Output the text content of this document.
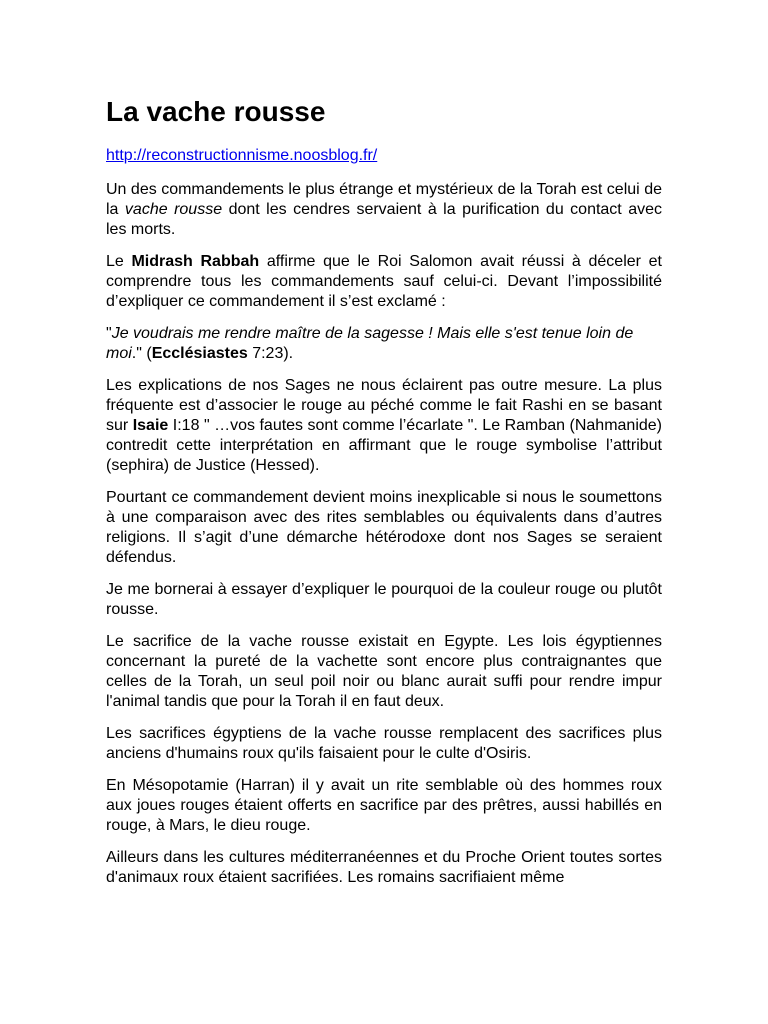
La vache rousse
http://reconstructionnisme.noosblog.fr/

Un des commandements le plus étrange et mystérieux de la Torah est celui de la vache rousse dont les cendres servaient à la purification du contact avec les morts.

Le Midrash Rabbah affirme que le Roi Salomon avait réussi à déceler et comprendre tous les commandements sauf celui-ci. Devant l’impossibilité d’expliquer ce commandement il s’est exclamé :

"Je voudrais me rendre maître de la sagesse ! Mais elle s'est tenue loin de moi." (Ecclésiastes 7:23).

Les explications de nos Sages ne nous éclairent pas outre mesure. La plus fréquente est d’associer le rouge au péché comme le fait Rashi en se basant sur Isaie I:18 " …vos fautes sont comme l’écarlate ". Le Ramban (Nahmanide) contredit cette interprétation en affirmant que le rouge symbolise l’attribut (sephira) de Justice (Hessed).

Pourtant ce commandement devient moins inexplicable si nous le soumettons à une comparaison avec des rites semblables ou équivalents dans d’autres religions. Il s’agit d’une démarche hétérodoxe dont nos Sages se seraient défendus.

Je me bornerai à essayer d’expliquer le pourquoi de la couleur rouge ou plutôt rousse.

Le sacrifice de la vache rousse existait en Egypte. Les lois égyptiennes concernant la pureté de la vachette sont encore plus contraignantes que celles de la Torah, un seul poil noir ou blanc aurait suffi pour rendre impur l'animal tandis que pour la Torah il en faut deux.

Les sacrifices égyptiens de la vache rousse remplacent des sacrifices plus anciens d'humains roux qu'ils faisaient pour le culte d'Osiris.

En Mésopotamie (Harran) il y avait un rite semblable où des hommes roux aux joues rouges étaient offerts en sacrifice par des prêtres, aussi habillés en rouge, à Mars, le dieu rouge.

Ailleurs dans les cultures méditerranéennes et du Proche Orient toutes sortes d'animaux roux étaient sacrifiées. Les romains sacrifiaient même
